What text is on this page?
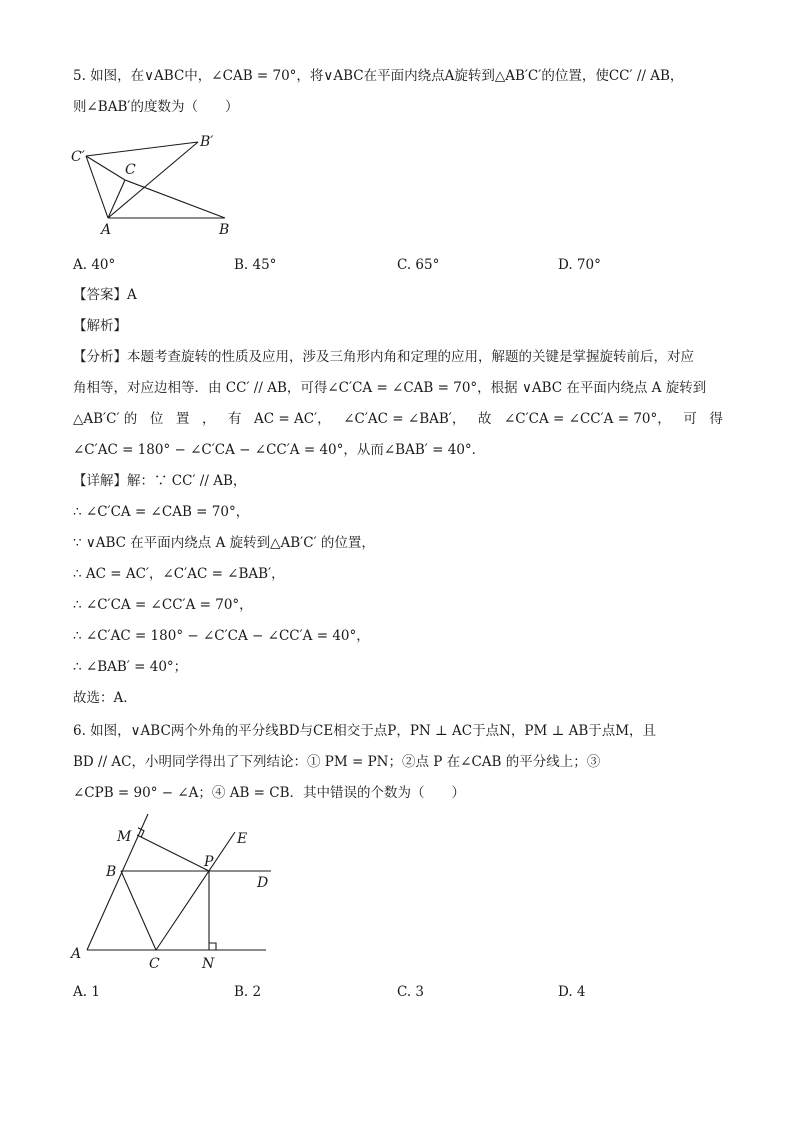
5. 如图，在∨ABC中，∠CAB = 70°，将∨ABC在平面内绕点A旋转到△AB′C′的位置，使CC′ // AB，
则∠BAB′的度数为（　　）
C′
B′
C
A	B
A. 40°	B. 45°	C. 65°	D. 70°
【答案】A
【解析】
【分析】本题考查旋转的性质及应用，涉及三角形内角和定理的应用，解题的关键是掌握旋转前后，对应
角相等，对应边相等．由 CC′ // AB，可得∠C′CA = ∠CAB = 70°，根据 ∨ABC 在平面内绕点 A 旋转到
△AB′C′ 的 位 置 ， 有 AC = AC′， ∠C′AC = ∠BAB′， 故 ∠C′CA = ∠CC′A = 70°， 可 得
∠C′AC = 180° − ∠C′CA − ∠CC′A = 40°，从而∠BAB′ = 40°．
【详解】解：∵ CC′ // AB，
∴ ∠C′CA = ∠CAB = 70°，
∵ ∨ABC 在平面内绕点 A 旋转到△AB′C′ 的位置，
∴ AC = AC′，∠C′AC = ∠BAB′，
∴ ∠C′CA = ∠CC′A = 70°，
∴ ∠C′AC = 180° − ∠C′CA − ∠CC′A = 40°，
∴ ∠BAB′ = 40°；
故选：A．
6. 如图，∨ABC两个外角的平分线BD与CE相交于点P，PN ⊥ AC于点N，PM ⊥ AB于点M，且
BD // AC，小明同学得出了下列结论：① PM = PN；②点 P 在∠CAB 的平分线上；③
∠CPB = 90° − ∠A；④ AB = CB．其中错误的个数为（　　）
M	E
B
P
D
A
C	N
A. 1	B. 2	C. 3	D. 4
